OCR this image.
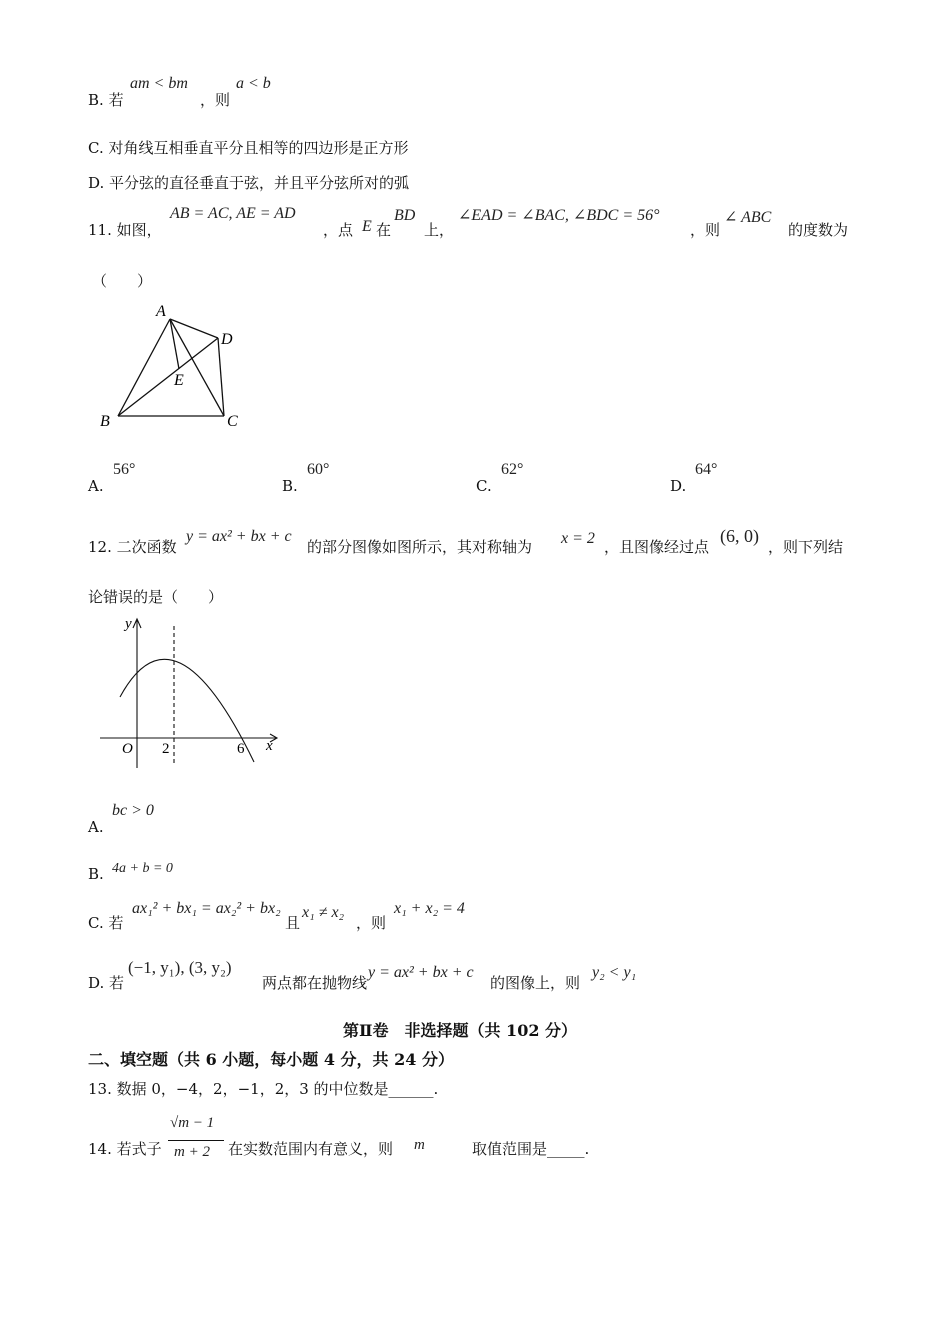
B. 若
am < bm
，则
a < b
C. 对角线互相垂直平分且相等的四边形是正方形
D. 平分弦的直径垂直于弦，并且平分弦所对的弧
11. 如图，
AB = AC, AE = AD
，点 E 在
BD
上，
∠EAD = ∠BAC, ∠BDC = 56°
，则
∠ ABC
的度数为
（　　）
A
D
E
B	C
A.
56°
B.
60°
C.
62°
D.
64°
12. 二次函数
y = ax² + bx + c
的部分图像如图所示，其对称轴为 x = 2 ，且图像经过点
(6, 0)
，则下列结
论错误的是（　　）
y
x
O 2	6
A.
bc > 0
B. 4a + b = 0
C. 若
ax₁² + bx₁ = ax₂² + bx₂
且
x₁ ≠ x₂
，则
x₁ + x₂ = 4
D. 若
(−1, y₁), (3, y₂)
两点都在抛物线
y = ax² + bx + c
的图像上，则
y₂ < y₁
第Ⅱ卷　非选择题（共 102 分）
二、填空题（共 6 小题，每小题 4 分，共 24 分）
13. 数据 0，−4，2，−1，2，3 的中位数是______.
14. 若式子
√m − 1
m + 2 在实数范围内有意义，则 m	取值范围是_____.
